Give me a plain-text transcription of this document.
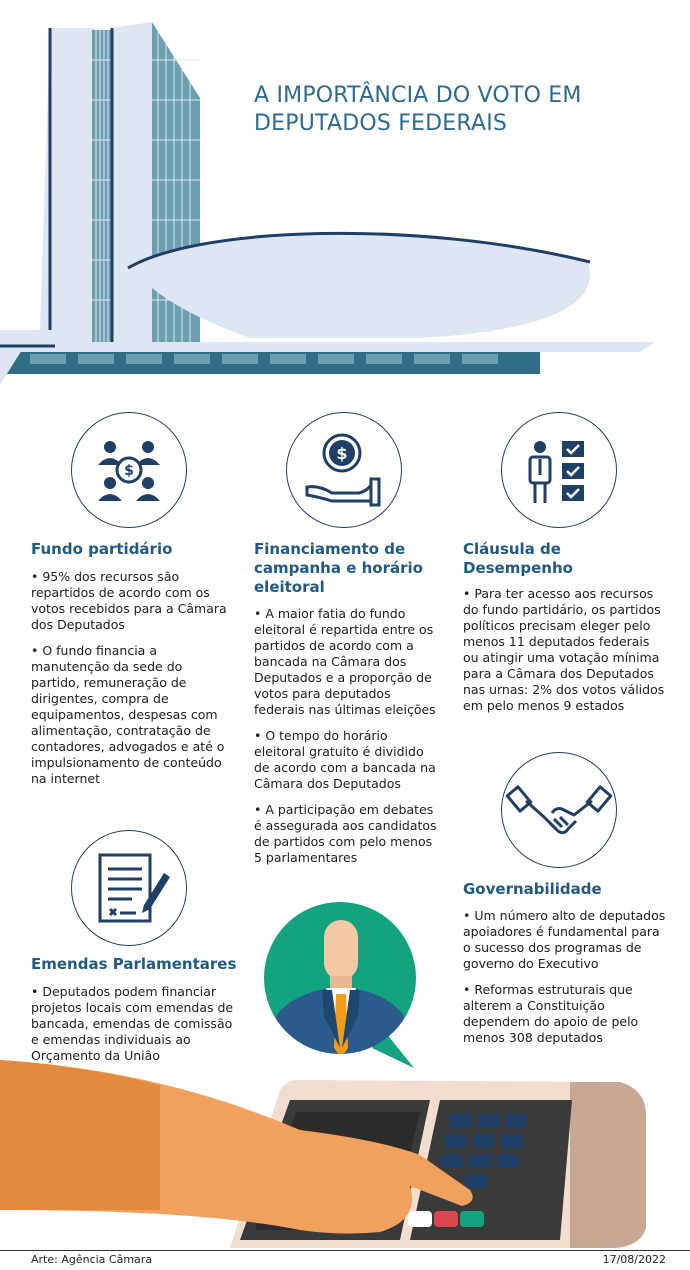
A IMPORTÂNCIA DO VOTO EM
DEPUTADOS FEDERAIS
$
$
Fundo partidário
• 95% dos recursos são
repartidos de acordo com os
votos recebidos para a Câmara
dos Deputados
• O fundo financia a
manutenção da sede do
partido, remuneração de
dirigentes, compra de
equipamentos, despesas com
alimentação, contratação de
contadores, advogados e até o
impulsionamento de conteúdo
na internet
Financiamento de
campanha e horário
eleitoral
• A maior fatia do fundo
eleitoral é repartida entre os
partidos de acordo com a
bancada na Câmara dos
Deputados e a proporção de
votos para deputados
federais nas últimas eleições
• O tempo do horário
eleitoral gratuito é dividido
de acordo com a bancada na
Câmara dos Deputados
• A participação em debates
é assegurada aos candidatos
de partidos com pelo menos
5 parlamentares
Cláusula de
Desempenho
• Para ter acesso aos recursos
do fundo partidário, os partidos
políticos precisam eleger pelo
menos 11 deputados federais
ou atingir uma votação mínima
para a Câmara dos Deputados
nas urnas: 2% dos votos válidos
em pelo menos 9 estados
Emendas Parlamentares
• Deputados podem financiar
projetos locais com emendas de
bancada, emendas de comissão
e emendas individuais ao
Orçamento da União
Governabilidade
• Um número alto de deputados
apoiadores é fundamental para
o sucesso dos programas de
governo do Executivo
• Reformas estruturais que
alterem a Constituição
dependem do apoio de pelo
menos 308 deputados
Arte: Agência Câmara	17/08/2022
